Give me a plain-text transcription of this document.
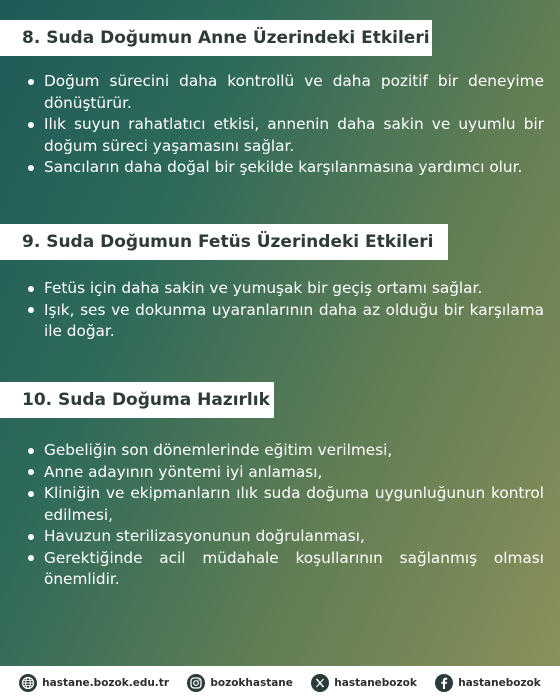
8. Suda Doğumun Anne Üzerindeki Etkileri
Doğum sürecini daha kontrollü ve daha pozitif bir deneyime dönüştürür.
Ilık suyun rahatlatıcı etkisi, annenin daha sakin ve uyumlu bir doğum süreci yaşamasını sağlar.
Sancıların daha doğal bir şekilde karşılanmasına yardımcı olur.
9. Suda Doğumun Fetüs Üzerindeki Etkileri
Fetüs için daha sakin ve yumuşak bir geçiş ortamı sağlar.
Işık, ses ve dokunma uyaranlarının daha az olduğu bir karşılama ile doğar.
10. Suda Doğuma Hazırlık
Gebeliğin son dönemlerinde eğitim verilmesi,
Anne adayının yöntemi iyi anlaması,
Kliniğin ve ekipmanların ılık suda doğuma uygunluğunun kontrol edilmesi,
Havuzun sterilizasyonunun doğrulanması,
Gerektiğinde acil müdahale koşullarının sağlanmış olması önemlidir.
hastane.bozok.edu.tr	bozokhastane	hastanebozok	hastanebozok
